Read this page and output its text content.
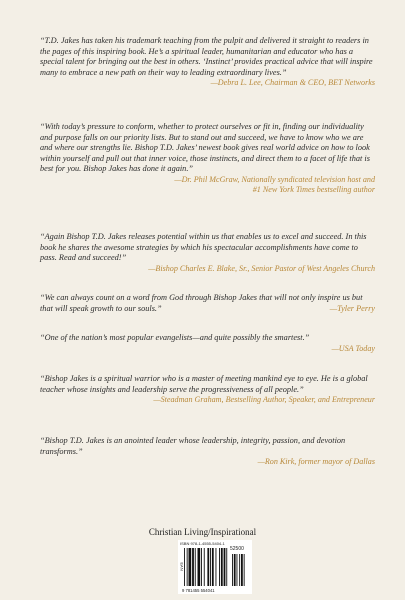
“T.D. Jakes has taken his trademark teaching from the pulpit and delivered it straight to readers in the pages of this inspiring book. He’s a spiritual leader, humanitarian and educator who has a special talent for bringing out the best in others. ‘Instinct’ provides practical advice that will inspire many to embrace a new path on their way to leading extraordinary lives.”

—Debra L. Lee, Chairman & CEO, BET Networks

“With today’s pressure to conform, whether to protect ourselves or fit in, finding our individuality and purpose falls on our priority lists. But to stand out and succeed, we have to know who we are and where our strengths lie. Bishop T.D. Jakes’ newest book gives real world advice on how to look within yourself and pull out that inner voice, those instincts, and direct them to a facet of life that is best for you. Bishop Jakes has done it again.”

—Dr. Phil McGraw, Nationally syndicated television host and
#1 New York Times bestselling author

“Again Bishop T.D. Jakes releases potential within us that enables us to excel and succeed. In this book he shares the awesome strategies by which his spectacular accomplishments have come to pass. Read and succeed!”

—Bishop Charles E. Blake, Sr., Senior Pastor of West Angeles Church

“We can always count on a word from God through Bishop Jakes that will not only inspire us but that will speak growth to our souls.”	—Tyler Perry

“One of the nation’s most popular evangelists—and quite possibly the smartest.”

—USA Today

“Bishop Jakes is a spiritual warrior who is a master of meeting mankind eye to eye. He is a global teacher whose insights and leadership serve the progressiveness of all people.”

—Steadman Graham, Bestselling Author, Speaker, and Entrepreneur

“Bishop T.D. Jakes is an anointed leader whose leadership, integrity, passion, and devotion transforms.”

—Ron Kirk, former mayor of Dallas
Christian Living/Inspirational
ISBN 978-1-4555-5404-1
52500
EAN
9 781455 554041
